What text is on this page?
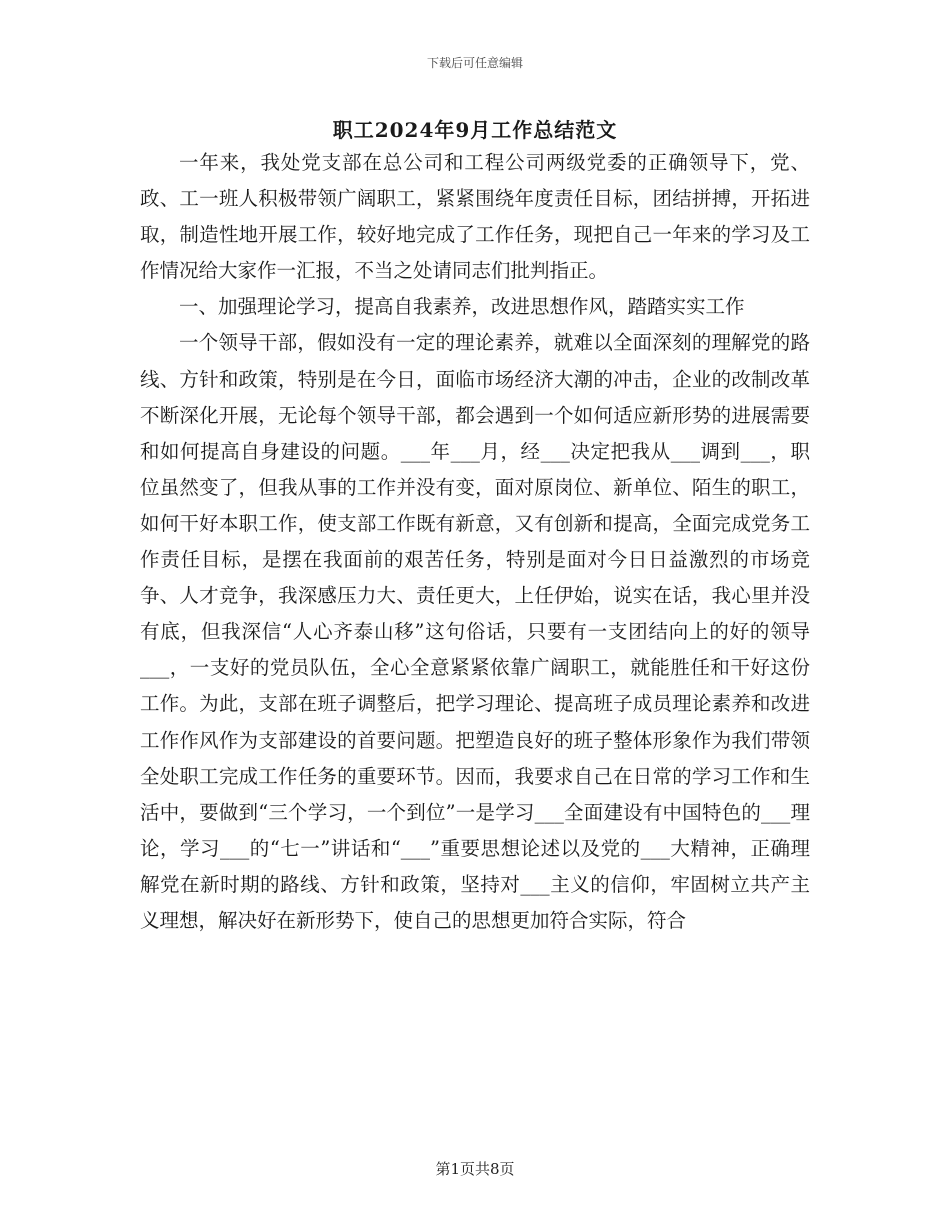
下载后可任意编辑
职工2024年9月工作总结范文

一年来，我处党支部在总公司和工程公司两级党委的正确领导下，党、政、工一班人积极带领广阔职工，紧紧围绕年度责任目标，团结拼搏，开拓进取，制造性地开展工作，较好地完成了工作任务，现把自己一年来的学习及工作情况给大家作一汇报，不当之处请同志们批判指正。

一、加强理论学习，提高自我素养，改进思想作风，踏踏实实工作

一个领导干部，假如没有一定的理论素养，就难以全面深刻的理解党的路线、方针和政策，特别是在今日，面临市场经济大潮的冲击，企业的改制改革不断深化开展，无论每个领导干部，都会遇到一个如何适应新形势的进展需要和如何提高自身建设的问题。___年___月，经___决定把我从___调到___，职位虽然变了，但我从事的工作并没有变，面对原岗位、新单位、陌生的职工，如何干好本职工作，使支部工作既有新意，又有创新和提高，全面完成党务工作责任目标，是摆在我面前的艰苦任务，特别是面对今日日益激烈的市场竞争、人才竞争，我深感压力大、责任更大，上任伊始，说实在话，我心里并没有底，但我深信“人心齐泰山移”这句俗话，只要有一支团结向上的好的领导___，一支好的党员队伍，全心全意紧紧依靠广阔职工，就能胜任和干好这份工作。为此，支部在班子调整后，把学习理论、提高班子成员理论素养和改进工作作风作为支部建设的首要问题。把塑造良好的班子整体形象作为我们带领全处职工完成工作任务的重要环节。因而，我要求自己在日常的学习工作和生活中，要做到“三个学习，一个到位”一是学习___全面建设有中国特色的___理论，学习___的“七一”讲话和“___”重要思想论述以及党的___大精神，正确理解党在新时期的路线、方针和政策，坚持对___主义的信仰，牢固树立共产主义理想，解决好在新形势下，使自己的思想更加符合实际，符合

第1页共8页
